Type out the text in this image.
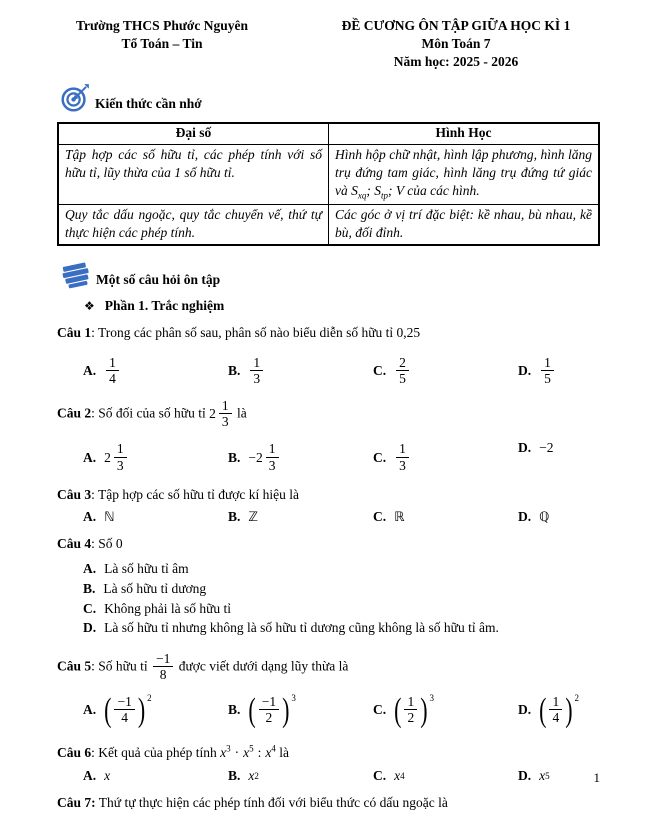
Trường THCS Phước Nguyên
Tổ Toán – Tin
ĐỀ CƯƠNG ÔN TẬP GIỮA HỌC KÌ 1
Môn Toán 7
Năm học: 2025 - 2026
Kiến thức cần nhớ
Đại số	Hình Học
Tập hợp các số hữu tỉ, các phép tính với số hữu tỉ, lũy thừa của 1 số hữu tỉ.	Hình hộp chữ nhật, hình lập phương, hình lăng trụ đứng tam giác, hình lăng trụ đứng tứ giác và $S_{xq}$; $S_{tp}$; V của các hình.
Quy tắc dấu ngoặc, quy tắc chuyển vế, thứ tự thực hiện các phép tính.	Các góc ở vị trí đặc biệt: kề nhau, bù nhau, kề bù, đối đỉnh.
Một số câu hỏi ôn tập
❖ Phần 1. Trắc nghiệm
Câu 1: Trong các phân số sau, phân số nào biểu diễn số hữu tỉ 0,25
A. $\frac{1}{4}$	B. $\frac{1}{3}$	C. $\frac{2}{5}$	D. $\frac{1}{5}$
Câu 2: Số đối của số hữu tỉ $2 \frac{1}{3}$ là
A. $2 \frac{1}{3}$	B. − $2 \frac{1}{3}$	C. $\frac{1}{3}$	D. −2
Câu 3: Tập hợp các số hữu tỉ được kí hiệu là
A. ℕ	B. ℤ	C. ℝ	D. ℚ
Câu 4: Số 0
A. Là số hữu tỉ âm
B. Là số hữu tỉ dương
C. Không phải là số hữu tỉ
D. Là số hữu tỉ nhưng không là số hữu tỉ dương cũng không là số hữu tỉ âm.
Câu 5: Số hữu tỉ $\frac{-1}{8}$ được viết dưới dạng lũy thừa là
A. ( $\frac{-1}{4}$ ) 2
B. ( $\frac{-1}{2}$ ) 3
C. ( $\frac{1}{2}$ ) 3
D. ( $\frac{1}{4}$ ) 2
Câu 6: Kết quả của phép tính $x^3 \cdot x^5$ : $x^4$ là
A. x	B. x 2	C. x 4	D. x 5
Câu 7: Thứ tự thực hiện các phép tính đối với biểu thức có dấu ngoặc là
1
